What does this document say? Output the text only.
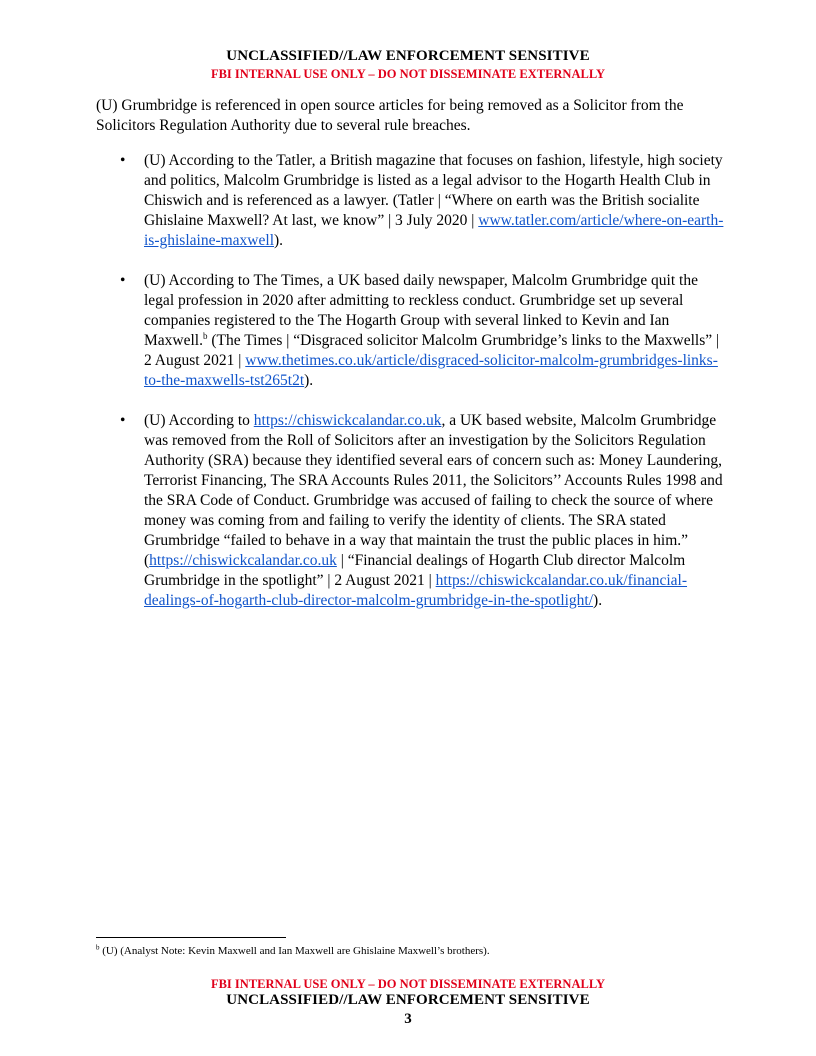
UNCLASSIFIED//LAW ENFORCEMENT SENSITIVE
FBI INTERNAL USE ONLY – DO NOT DISSEMINATE EXTERNALLY

(U) Grumbridge is referenced in open source articles for being removed as a Solicitor from the Solicitors Regulation Authority due to several rule breaches.

• (U) According to the Tatler, a British magazine that focuses on fashion, lifestyle, high society and politics, Malcolm Grumbridge is listed as a legal advisor to the Hogarth Health Club in Chiswich and is referenced as a lawyer. (Tatler | “Where on earth was the British socialite Ghislaine Maxwell? At last, we know” | 3 July 2020 | www.tatler.com/article/where-on-earth-is-ghislaine-maxwell).
• (U) According to The Times, a UK based daily newspaper, Malcolm Grumbridge quit the legal profession in 2020 after admitting to reckless conduct. Grumbridge set up several companies registered to the The Hogarth Group with several linked to Kevin and Ian Maxwell.$^b$ (The Times | “Disgraced solicitor Malcolm Grumbridge’s links to the Maxwells” | 2 August 2021 | www.thetimes.co.uk/article/disgraced-solicitor-malcolm-grumbridges-links-to-the-maxwells-tst265t2t).
• (U) According to https://chiswickcalandar.co.uk, a UK based website, Malcolm Grumbridge was removed from the Roll of Solicitors after an investigation by the Solicitors Regulation Authority (SRA) because they identified several ears of concern such as: Money Laundering, Terrorist Financing, The SRA Accounts Rules 2011, the Solicitors’’ Accounts Rules 1998 and the SRA Code of Conduct. Grumbridge was accused of failing to check the source of where money was coming from and failing to verify the identity of clients. The SRA stated Grumbridge “failed to behave in a way that maintain the trust the public places in him.” (https://chiswickcalandar.co.uk | “Financial dealings of Hogarth Club director Malcolm Grumbridge in the spotlight” | 2 August 2021 | https://chiswickcalandar.co.uk/financial-dealings-of-hogarth-club-director-malcolm-grumbridge-in-the-spotlight/).
$^b$ (U) (Analyst Note: Kevin Maxwell and Ian Maxwell are Ghislaine Maxwell’s brothers).
FBI INTERNAL USE ONLY – DO NOT DISSEMINATE EXTERNALLY
UNCLASSIFIED//LAW ENFORCEMENT SENSITIVE
3
